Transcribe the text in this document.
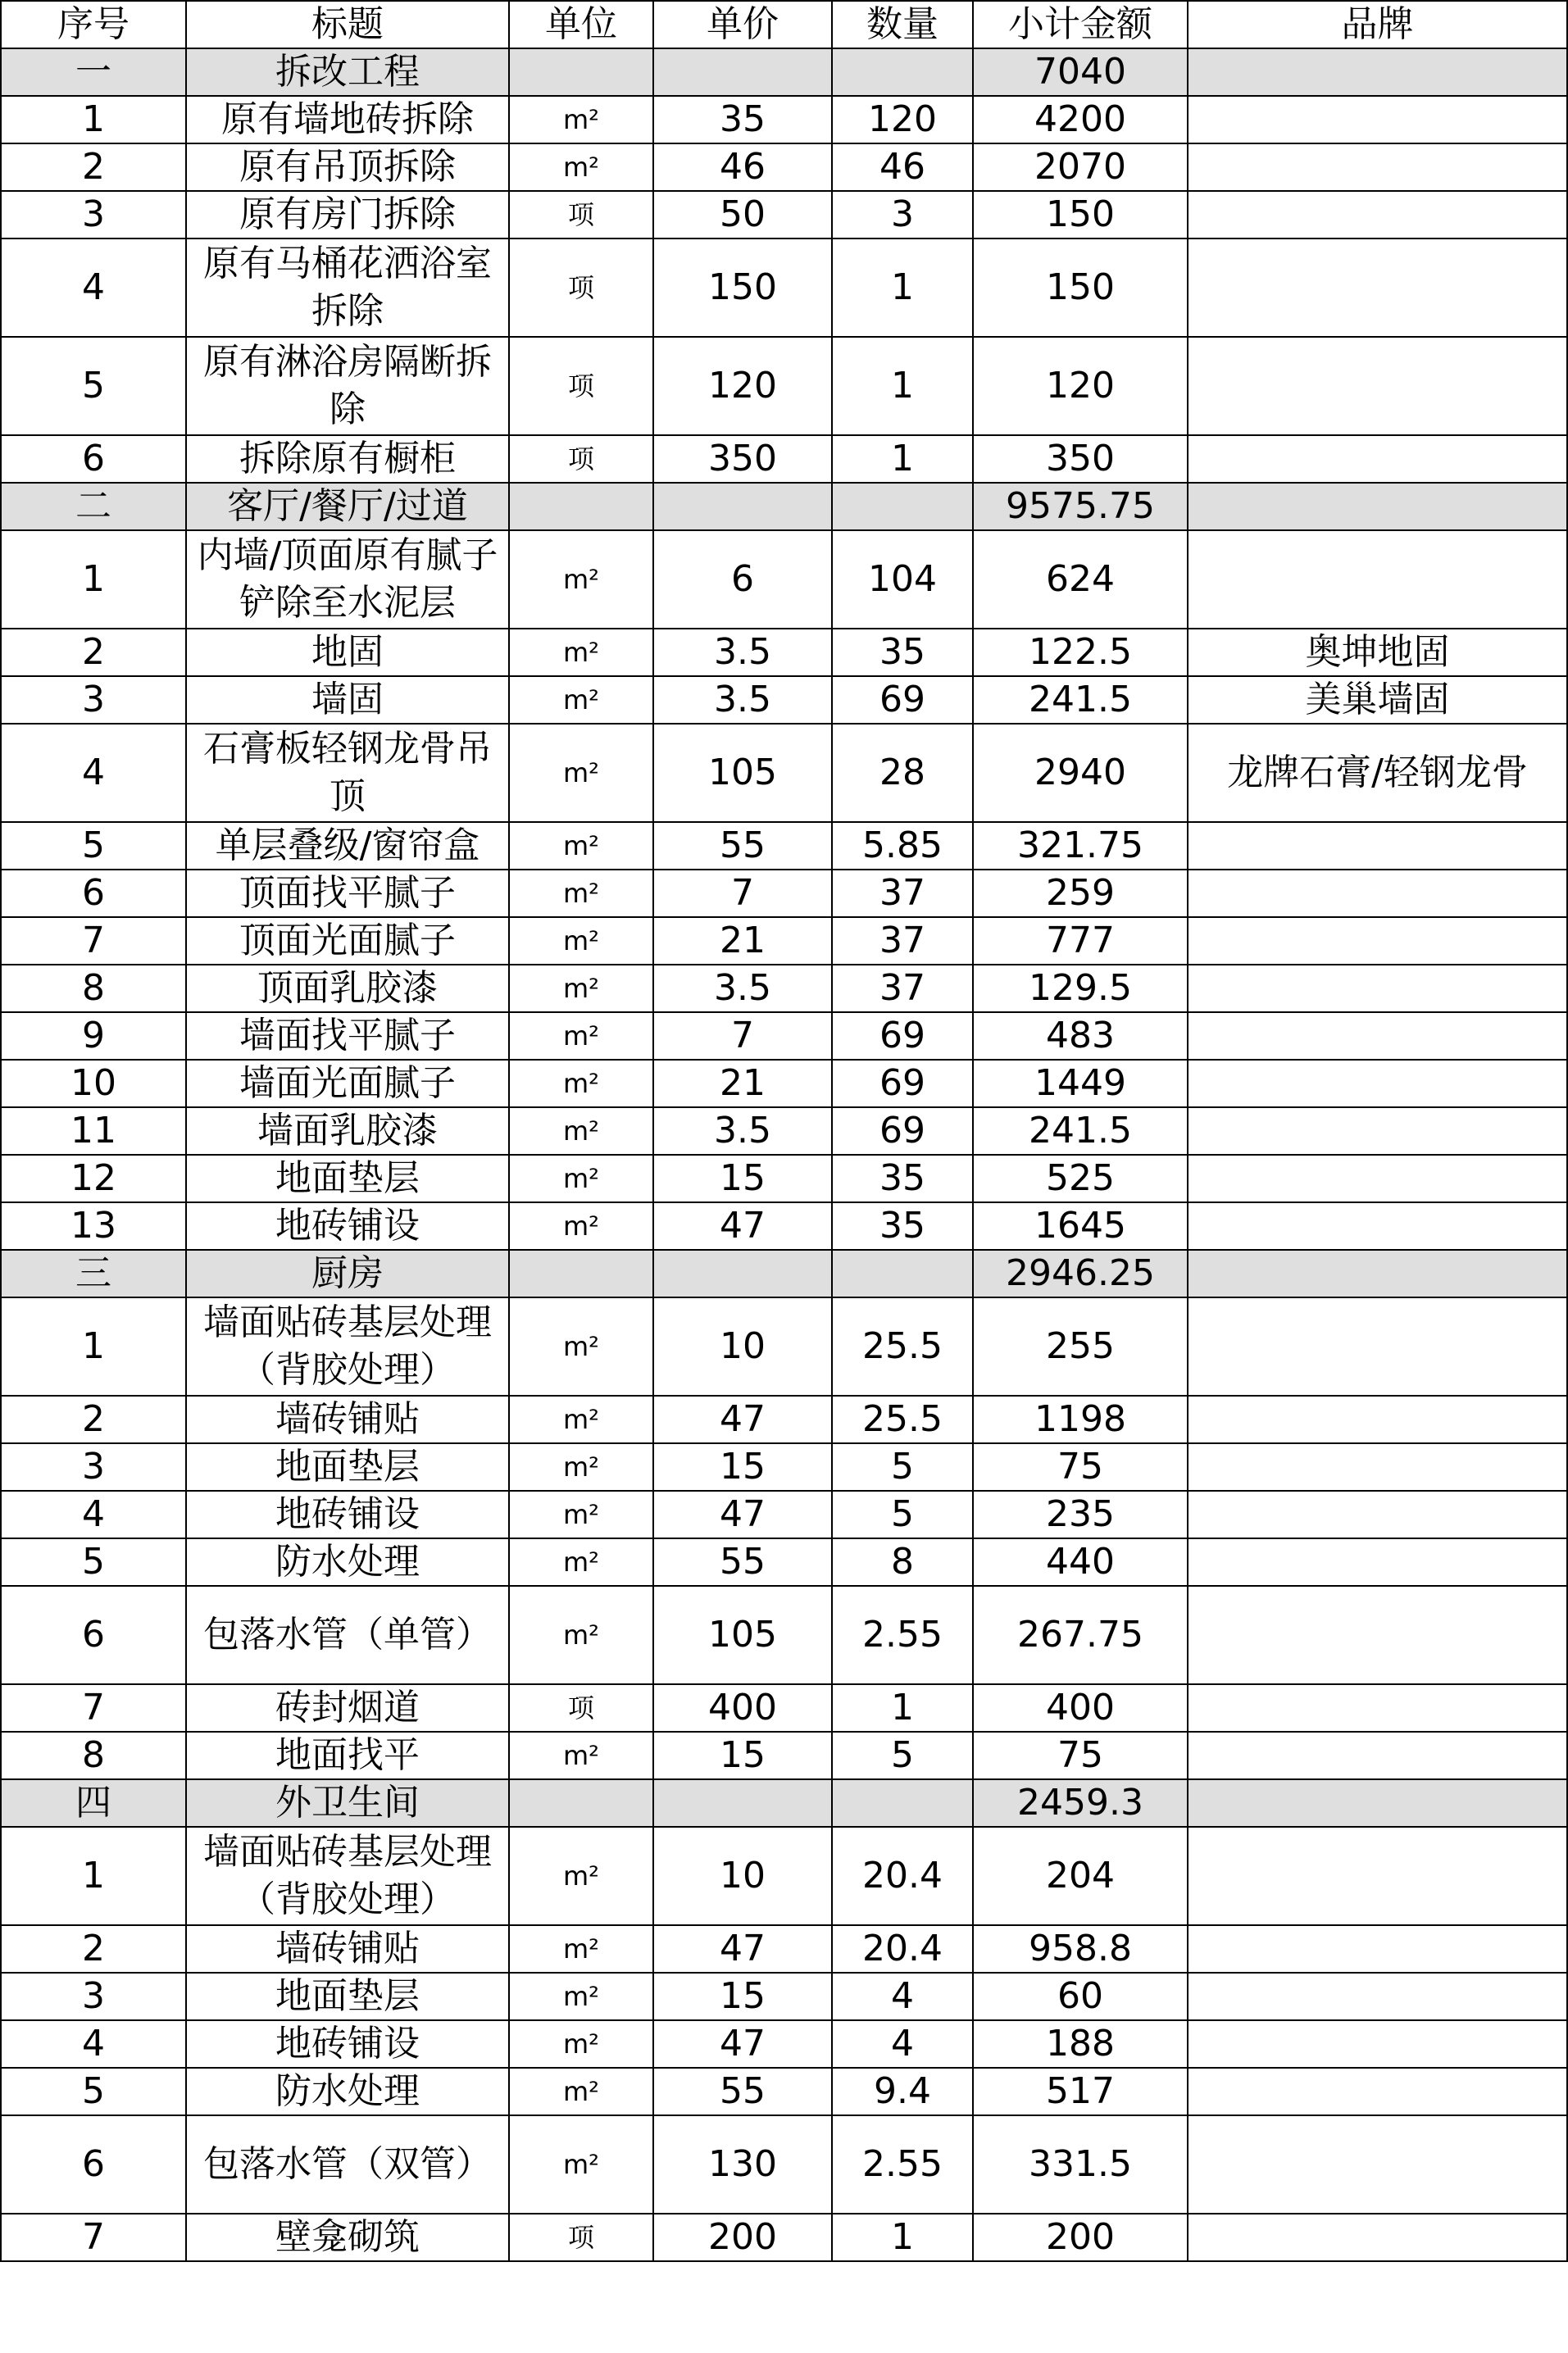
序号	标题	单位	单价	数量	小计金额	品牌
一	拆改工程				7040	
1	原有墙地砖拆除	m²	35	120	4200	
2	原有吊顶拆除	m²	46	46	2070	
3	原有房门拆除	项	50	3	150	
4	原有马桶花洒浴室拆除	项	150	1	150	
5	原有淋浴房隔断拆除	项	120	1	120	
6	拆除原有橱柜	项	350	1	350	
二	客厅/餐厅/过道				9575.75	
1	内墙/顶面原有腻子铲除至水泥层	m²	6	104	624	
2	地固	m²	3.5	35	122.5	奥坤地固
3	墙固	m²	3.5	69	241.5	美巢墙固
4	石膏板轻钢龙骨吊顶	m²	105	28	2940	龙牌石膏/轻钢龙骨
5	单层叠级/窗帘盒	m²	55	5.85	321.75	
6	顶面找平腻子	m²	7	37	259	
7	顶面光面腻子	m²	21	37	777	
8	顶面乳胶漆	m²	3.5	37	129.5	
9	墙面找平腻子	m²	7	69	483	
10	墙面光面腻子	m²	21	69	1449	
11	墙面乳胶漆	m²	3.5	69	241.5	
12	地面垫层	m²	15	35	525	
13	地砖铺设	m²	47	35	1645	
三	厨房				2946.25	
1	墙面贴砖基层处理（背胶处理）	m²	10	25.5	255	
2	墙砖铺贴	m²	47	25.5	1198	
3	地面垫层	m²	15	5	75	
4	地砖铺设	m²	47	5	235	
5	防水处理	m²	55	8	440	
6	包落水管（单管）	m²	105	2.55	267.75	
7	砖封烟道	项	400	1	400	
8	地面找平	m²	15	5	75	
四	外卫生间				2459.3	
1	墙面贴砖基层处理（背胶处理）	m²	10	20.4	204	
2	墙砖铺贴	m²	47	20.4	958.8	
3	地面垫层	m²	15	4	60	
4	地砖铺设	m²	47	4	188	
5	防水处理	m²	55	9.4	517	
6	包落水管（双管）	m²	130	2.55	331.5	
7	壁龛砌筑	项	200	1	200	
